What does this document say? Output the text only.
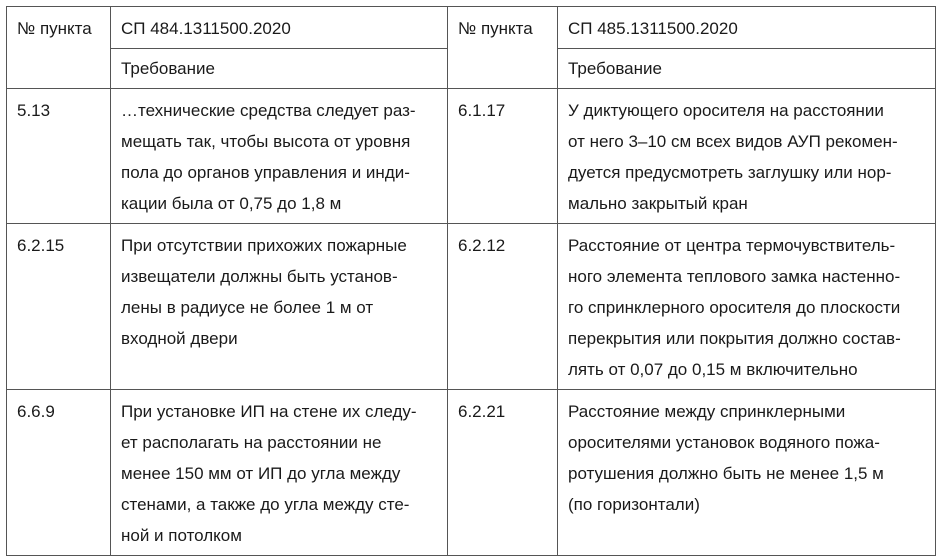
№ пункта	СП 484.1311500.2020	№ пункта	СП 485.1311500.2020
	Требование		Требование
5.13	…технические средства следует раз-
мещать так, чтобы высота от уровня
пола до органов управления и инди-
кации была от 0,75 до 1,8 м	6.1.17	У диктующего оросителя на расстоянии
от него 3–10 см всех видов АУП рекомен-
дуется предусмотреть заглушку или нор-
мально закрытый кран

6.2.15	При отсутствии прихожих пожарные
извещатели должны быть установ-
лены в радиусе не более 1 м от
входной двери	6.2.12	Расстояние от центра термочувствитель-
ного элемента теплового замка настенно-
го спринклерного оросителя до плоскости
перекрытия или покрытия должно состав-
лять от 0,07 до 0,15 м включительно

6.6.9	При установке ИП на стене их следу-
ет располагать на расстоянии не
менее 150 мм от ИП до угла между
стенами, а также до угла между сте-
ной и потолком	6.2.21	Расстояние между спринклерными
оросителями установок водяного пожа-
ротушения должно быть не менее 1,5 м
(по горизонтали)
